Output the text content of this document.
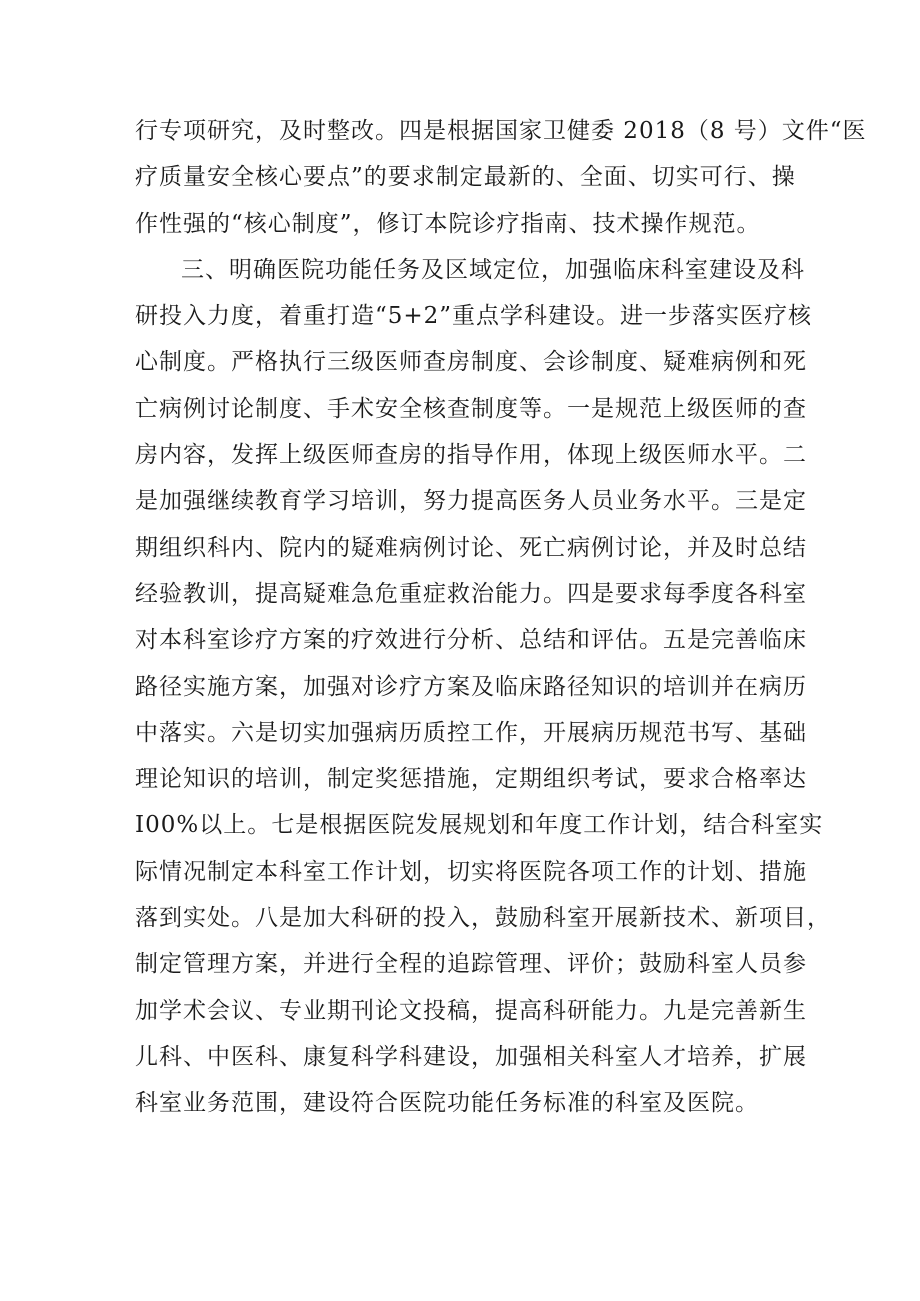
行专项研究，及时整改。四是根据国家卫健委 2018（8 号）文件“医
疗质量安全核心要点”的要求制定最新的、全面、切实可行、操
作性强的“核心制度”，修订本院诊疗指南、技术操作规范。
三、明确医院功能任务及区域定位，加强临床科室建设及科
研投入力度，着重打造“5+2”重点学科建设。进一步落实医疗核
心制度。严格执行三级医师查房制度、会诊制度、疑难病例和死
亡病例讨论制度、手术安全核查制度等。一是规范上级医师的查
房内容，发挥上级医师查房的指导作用，体现上级医师水平。二
是加强继续教育学习培训，努力提高医务人员业务水平。三是定
期组织科内、院内的疑难病例讨论、死亡病例讨论，并及时总结
经验教训，提高疑难急危重症救治能力。四是要求每季度各科室
对本科室诊疗方案的疗效进行分析、总结和评估。五是完善临床
路径实施方案，加强对诊疗方案及临床路径知识的培训并在病历
中落实。六是切实加强病历质控工作，开展病历规范书写、基础
理论知识的培训，制定奖惩措施，定期组织考试，要求合格率达
I00%以上。七是根据医院发展规划和年度工作计划，结合科室实
际情况制定本科室工作计划，切实将医院各项工作的计划、措施
落到实处。八是加大科研的投入，鼓励科室开展新技术、新项目，
制定管理方案，并进行全程的追踪管理、评价；鼓励科室人员参
加学术会议、专业期刊论文投稿，提高科研能力。九是完善新生
儿科、中医科、康复科学科建设，加强相关科室人才培养，扩展
科室业务范围，建设符合医院功能任务标准的科室及医院。
